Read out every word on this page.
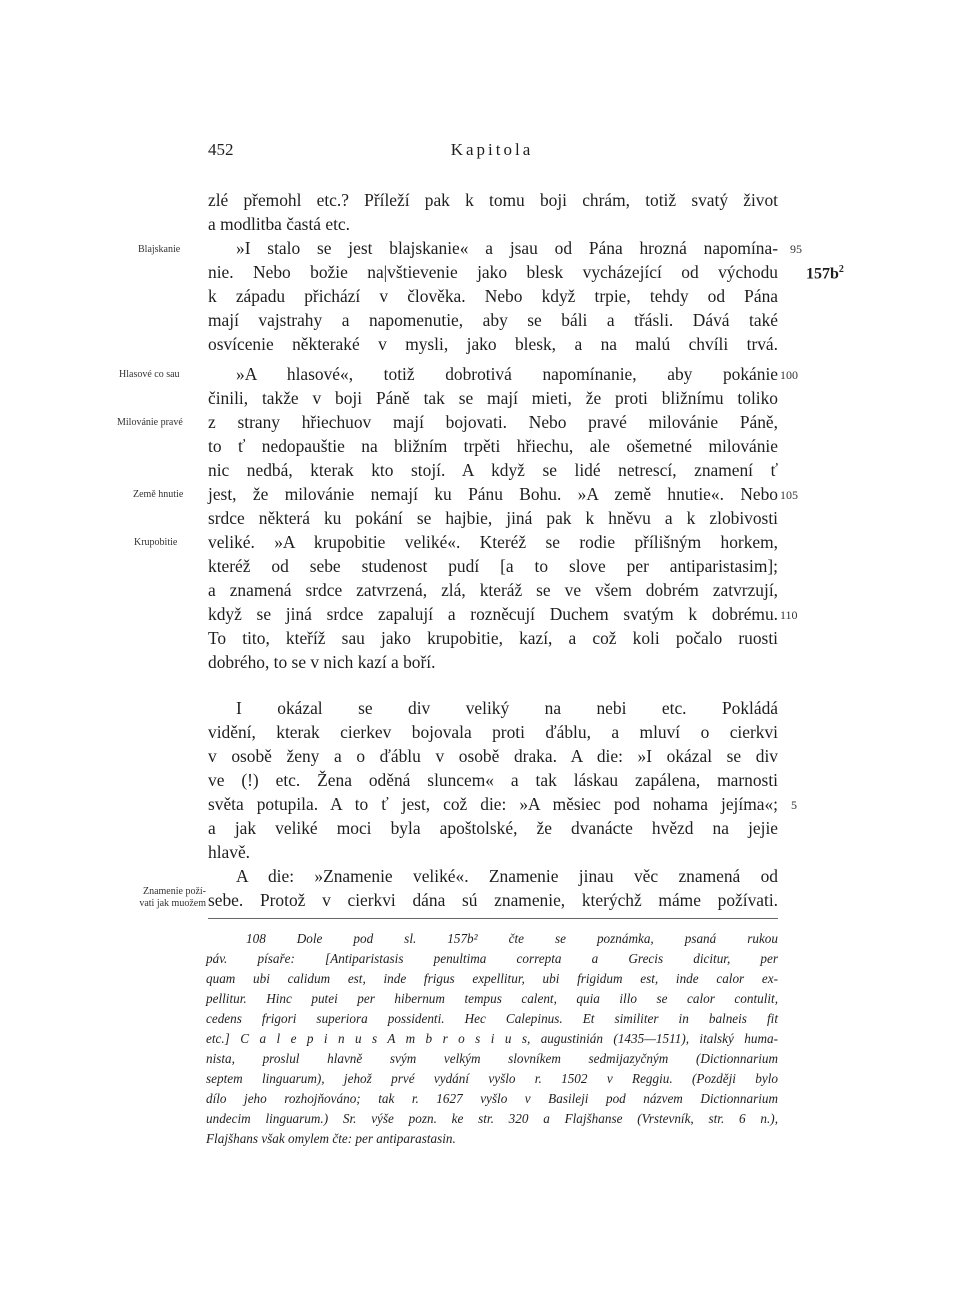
452	Kapitola
zlé přemohl etc.? Příleží pak k tomu boji chrám, totiž svatý život
a modlitba častá etc.
»I stalo se jest blajskanie« a jsau od Pána hrozná napomína-
nie. Nebo božie na|vštievenie jako blesk vycházející od východu
k západu přichází v člověka. Nebo když trpie, tehdy od Pána
mají vajstrahy a napomenutie, aby se báli a třásli. Dává také
osvícenie některaké v mysli, jako blesk, a na malú chvíli trvá.
»A hlasové«, totiž dobrotivá napomínanie, aby pokánie
činili, takže v boji Páně tak se mají mieti, že proti bližnímu toliko
z strany hřiechuov mají bojovati. Nebo pravé milovánie Páně,
to ť nedopauštie na bližním trpěti hřiechu, ale ošemetné milovánie
nic nedbá, kterak kto stojí. A když se lidé netrescí, znamení ť
jest, že milovánie nemají ku Pánu Bohu. »A země hnutie«. Nebo
srdce některá ku pokání se hajbie, jiná pak k hněvu a k zlobivosti
veliké. »A krupobitie veliké«. Kteréž se rodie přílišným horkem,
kteréž od sebe studenost pudí [a to slove per antiparistasim];
a znamená srdce zatvrzená, zlá, kteráž se ve všem dobrém zatvrzují,
když se jiná srdce zapalují a rozněcují Duchem svatým k dobrému.
To tito, kteříž sau jako krupobitie, kazí, a což koli počalo ruosti
dobrého, to se v nich kazí a boří.
I okázal se div veliký na nebi etc. Pokládá
vidění, kterak cierkev bojovala proti ďáblu, a mluví o cierkvi
v osobě ženy a o ďáblu v osobě draka. A die: »I okázal se div
ve (!) etc. Žena oděná sluncem« a tak láskau zapálena, marnosti
světa potupila. A to ť jest, což die: »A měsiec pod nohama jejíma«;
a jak veliké moci byla apoštolské, že dvanácte hvězd na jejie
hlavě.
A die: »Znamenie veliké«. Znamenie jinau věc znamená od
sebe. Protož v cierkvi dána sú znamenie, kterýchž máme požívati.
Blajskanie
Hlasové co sau
Milovánie pravé
Země hnutie
Krupobitie
Znamenie poží-
vati jak muožem
95
100
105
110
5
$157b^2$
108 Dole pod sl. 157b² čte se poznámka, psaná rukou
páv. písaře: [Antiparistasis penultima correpta a Grecis dicitur, per
quam ubi calidum est, inde frigus expellitur, ubi frigidum est, inde calor ex-
pellitur. Hinc putei per hibernum tempus calent, quia illo se calor contulit,
cedens frigori superiora possidenti. Hec Calepinus. Et similiter in balneis fit
etc.] C a l e p i n u s A m b r o s i u s, augustinián (1435—1511), italský huma-
nista, proslul hlavně svým velkým slovníkem sedmijazyčným (Dictionnarium
septem linguarum), jehož prvé vydání vyšlo r. 1502 v Reggiu. (Později bylo
dílo jeho rozhojňováno; tak r. 1627 vyšlo v Basileji pod názvem Dictionnarium
undecim linguarum.) Sr. výše pozn. ke str. 320 a Flajšhanse (Vrstevník, str. 6 n.),
Flajšhans však omylem čte: per antiparastasin.
